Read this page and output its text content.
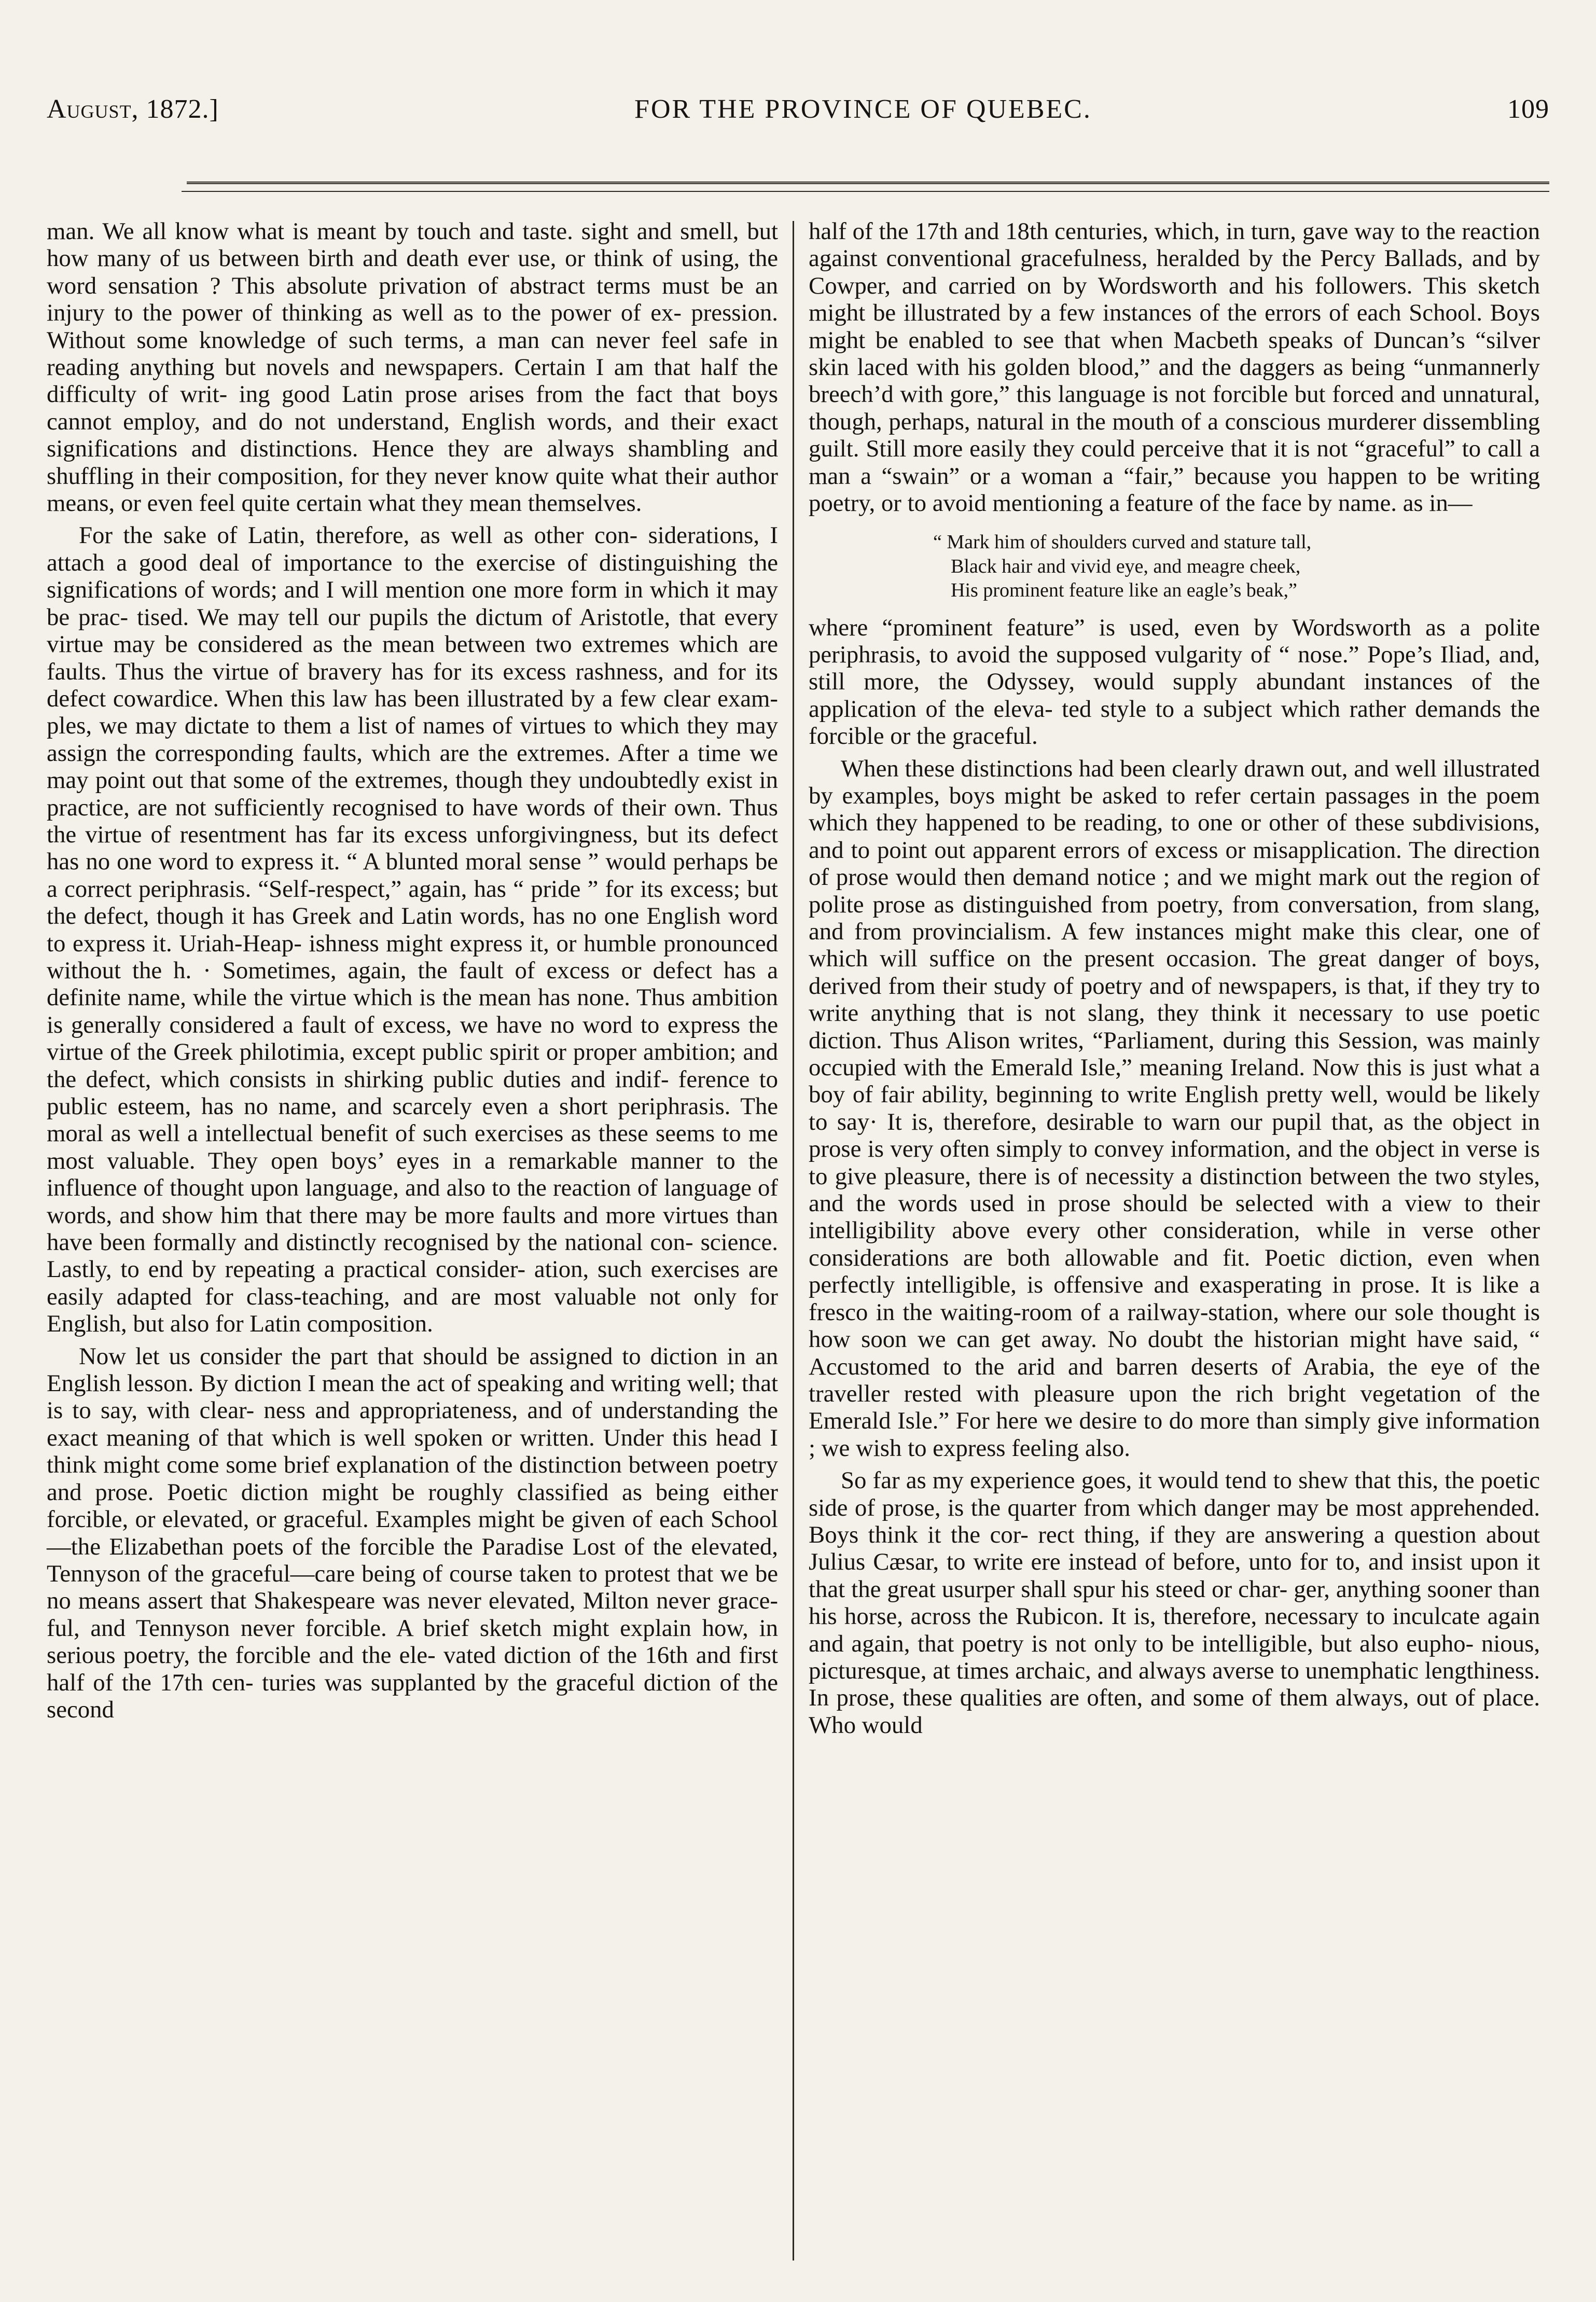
August, 1872.]	FOR THE PROVINCE OF QUEBEC.	109

man. We all know what is meant by touch and taste. sight and smell, but how many of us between birth and death ever use, or think of using, the word sensation ? This absolute privation of abstract terms must be an injury to the power of thinking as well as to the power of ex- pression. Without some knowledge of such terms, a man can never feel safe in reading anything but novels and newspapers. Certain I am that half the difficulty of writ- ing good Latin prose arises from the fact that boys cannot employ, and do not understand, English words, and their exact significations and distinctions. Hence they are always shambling and shuffling in their composition, for they never know quite what their author means, or even feel quite certain what they mean themselves.

For the sake of Latin, therefore, as well as other con- siderations, I attach a good deal of importance to the exercise of distinguishing the significations of words; and I will mention one more form in which it may be prac- tised. We may tell our pupils the dictum of Aristotle, that every virtue may be considered as the mean between two extremes which are faults. Thus the virtue of bravery has for its excess rashness, and for its defect cowardice. When this law has been illustrated by a few clear exam- ples, we may dictate to them a list of names of virtues to which they may assign the corresponding faults, which are the extremes. After a time we may point out that some of the extremes, though they undoubtedly exist in practice, are not sufficiently recognised to have words of their own. Thus the virtue of resentment has far its excess unforgivingness, but its defect has no one word to express it. “ A blunted moral sense ” would perhaps be a correct periphrasis. “Self-respect,” again, has “ pride ” for its excess; but the defect, though it has Greek and Latin words, has no one English word to express it. Uriah-Heap- ishness might express it, or humble pronounced without the h. · Sometimes, again, the fault of excess or defect has a definite name, while the virtue which is the mean has none. Thus ambition is generally considered a fault of excess, we have no word to express the virtue of the Greek philotimia, except public spirit or proper ambition; and the defect, which consists in shirking public duties and indif- ference to public esteem, has no name, and scarcely even a short periphrasis. The moral as well a intellectual benefit of such exercises as these seems to me most valuable. They open boys’ eyes in a remarkable manner to the influence of thought upon language, and also to the reaction of language of words, and show him that there may be more faults and more virtues than have been formally and distinctly recognised by the national con- science. Lastly, to end by repeating a practical consider- ation, such exercises are easily adapted for class-teaching, and are most valuable not only for English, but also for Latin composition.

Now let us consider the part that should be assigned to diction in an English lesson. By diction I mean the act of speaking and writing well; that is to say, with clear- ness and appropriateness, and of understanding the exact meaning of that which is well spoken or written. Under this head I think might come some brief explanation of the distinction between poetry and prose. Poetic diction might be roughly classified as being either forcible, or elevated, or graceful. Examples might be given of each School—the Elizabethan poets of the forcible the Paradise Lost of the elevated, Tennyson of the graceful—care being of course taken to protest that we be no means assert that Shakespeare was never elevated, Milton never grace- ful, and Tennyson never forcible. A brief sketch might explain how, in serious poetry, the forcible and the ele- vated diction of the 16th and first half of the 17th cen- turies was supplanted by the graceful diction of the second

half of the 17th and 18th centuries, which, in turn, gave way to the reaction against conventional gracefulness, heralded by the Percy Ballads, and by Cowper, and carried on by Wordsworth and his followers. This sketch might be illustrated by a few instances of the errors of each School. Boys might be enabled to see that when Macbeth speaks of Duncan’s “silver skin laced with his golden blood,” and the daggers as being “unmannerly breech’d with gore,” this language is not forcible but forced and unnatural, though, perhaps, natural in the mouth of a conscious murderer dissembling guilt. Still more easily they could perceive that it is not “graceful” to call a man a “swain” or a woman a “fair,” because you happen to be writing poetry, or to avoid mentioning a feature of the face by name. as in—

“ Mark him of shoulders curved and stature tall,
Black hair and vivid eye, and meagre cheek,
His prominent feature like an eagle’s beak,”

where “prominent feature” is used, even by Wordsworth as a polite periphrasis, to avoid the supposed vulgarity of “ nose.” Pope’s Iliad, and, still more, the Odyssey, would supply abundant instances of the application of the eleva- ted style to a subject which rather demands the forcible or the graceful.

When these distinctions had been clearly drawn out, and well illustrated by examples, boys might be asked to refer certain passages in the poem which they happened to be reading, to one or other of these subdivisions, and to point out apparent errors of excess or misapplication. The direction of prose would then demand notice ; and we might mark out the region of polite prose as distinguished from poetry, from conversation, from slang, and from provincialism. A few instances might make this clear, one of which will suffice on the present occasion. The great danger of boys, derived from their study of poetry and of newspapers, is that, if they try to write anything that is not slang, they think it necessary to use poetic diction. Thus Alison writes, “Parliament, during this Session, was mainly occupied with the Emerald Isle,” meaning Ireland. Now this is just what a boy of fair ability, beginning to write English pretty well, would be likely to say· It is, therefore, desirable to warn our pupil that, as the object in prose is very often simply to convey information, and the object in verse is to give pleasure, there is of necessity a distinction between the two styles, and the words used in prose should be selected with a view to their intelligibility above every other consideration, while in verse other considerations are both allowable and fit. Poetic diction, even when perfectly intelligible, is offensive and exasperating in prose. It is like a fresco in the waiting-room of a railway-station, where our sole thought is how soon we can get away. No doubt the historian might have said, “ Accustomed to the arid and barren deserts of Arabia, the eye of the traveller rested with pleasure upon the rich bright vegetation of the Emerald Isle.” For here we desire to do more than simply give information ; we wish to express feeling also.

So far as my experience goes, it would tend to shew that this, the poetic side of prose, is the quarter from which danger may be most apprehended. Boys think it the cor- rect thing, if they are answering a question about Julius Cæsar, to write ere instead of before, unto for to, and insist upon it that the great usurper shall spur his steed or char- ger, anything sooner than his horse, across the Rubicon. It is, therefore, necessary to inculcate again and again, that poetry is not only to be intelligible, but also eupho- nious, picturesque, at times archaic, and always averse to unemphatic lengthiness. In prose, these qualities are often, and some of them always, out of place. Who would
